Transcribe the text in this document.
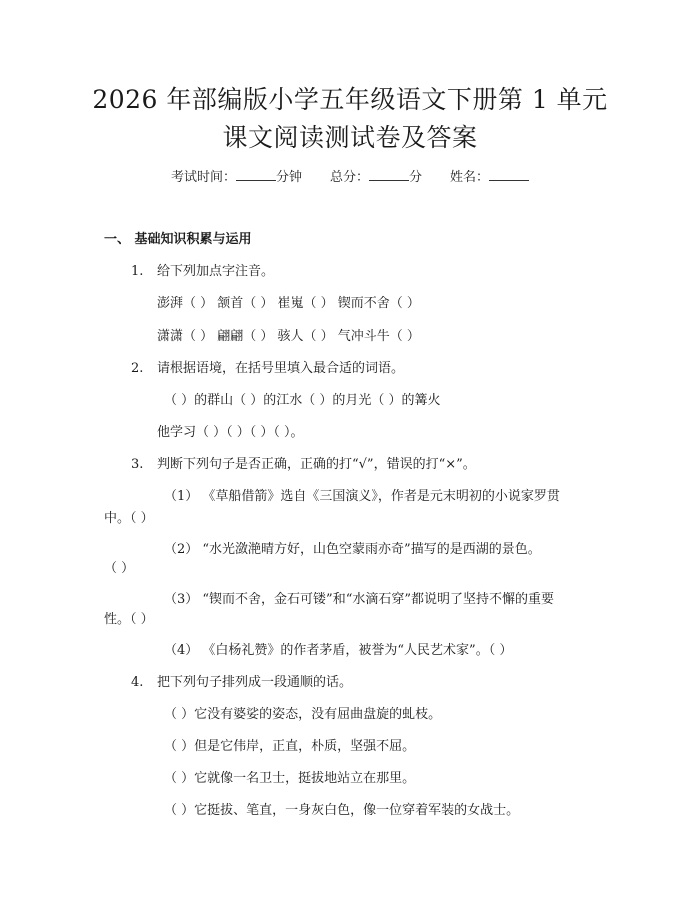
2026 年部编版小学五年级语文下册第 1 单元
课文阅读测试卷及答案
考试时间：	分钟 总分：	分 姓名：
一、 基础知识积累与运用
1. 给下列加点字注音。
澎湃（ ） 颔首（ ） 崔嵬（ ） 锲而不舍（ ）
潇潇（ ） 翩翩（ ） 骇人（ ） 气冲斗牛（ ）
2. 请根据语境，在括号里填入最合适的词语。
（ ）的群山（ ）的江水（ ）的月光（ ）的篝火
他学习（ ）（ ）（ ）（ ）。
3. 判断下列句子是否正确，正确的打“√”，错误的打“×”。
（1） 《草船借箭》选自《三国演义》，作者是元末明初的小说家罗贯
中。（ ）
（2） “水光潋滟晴方好，山色空蒙雨亦奇”描写的是西湖的景色。
（ ）
（3） “锲而不舍，金石可镂”和“水滴石穿”都说明了坚持不懈的重要
性。（ ）
（4） 《白杨礼赞》的作者茅盾，被誉为“人民艺术家”。（ ）
4. 把下列句子排列成一段通顺的话。
（ ）它没有婆娑的姿态，没有屈曲盘旋的虬枝。
（ ）但是它伟岸，正直，朴质，坚强不屈。
（ ）它就像一名卫士，挺拔地站立在那里。
（ ）它挺拔、笔直，一身灰白色，像一位穿着军装的女战士。
